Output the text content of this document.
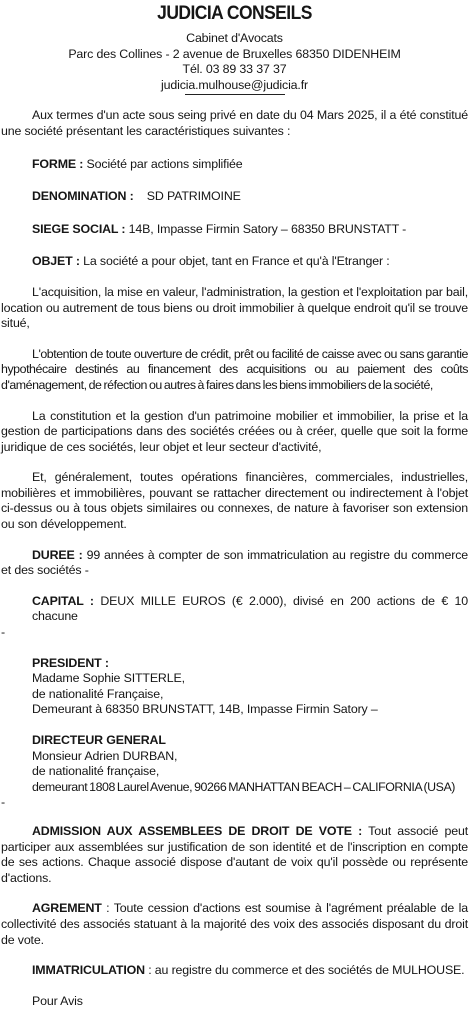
JUDICIA CONSEILS
Cabinet d'Avocats
Parc des Collines - 2 avenue de Bruxelles 68350 DIDENHEIM
Tél. 03 89 33 37 37
judicia.mulhouse@judicia.fr

Aux termes d'un acte sous seing privé en date du 04 Mars 2025, il a été constitué une société présentant les caractéristiques suivantes :

FORME : Société par actions simplifiée

DENOMINATION :    SD PATRIMOINE

SIEGE SOCIAL : 14B, Impasse Firmin Satory – 68350 BRUNSTATT -

OBJET : La société a pour objet, tant en France et qu'à l'Etranger :

L'acquisition, la mise en valeur, l'administration, la gestion et l'exploitation par bail, location ou autrement de tous biens ou droit immobilier à quelque endroit qu'il se trouve situé,

L'obtention de toute ouverture de crédit, prêt ou facilité de caisse avec ou sans garantie hypothécaire destinés au financement des acquisitions ou au paiement des coûts d'aménagement, de réfection ou autres à faires dans les biens immobiliers de la société,

La constitution et la gestion d'un patrimoine mobilier et immobilier, la prise et la gestion de participations dans des sociétés créées ou à créer, quelle que soit la forme juridique de ces sociétés, leur objet et leur secteur d'activité,

Et, généralement, toutes opérations financières, commerciales, industrielles, mobilières et immobilières, pouvant se rattacher directement ou indirectement à l'objet ci-dessus ou à tous objets similaires ou connexes, de nature à favoriser son extension ou son développement.

DUREE : 99 années à compter de son immatriculation au registre du commerce et des sociétés -

CAPITAL : DEUX MILLE EUROS (€ 2.000), divisé en 200 actions de € 10 chacune

-
PRESIDENT :
Madame Sophie SITTERLE,
de nationalité Française,
Demeurant à 68350 BRUNSTATT, 14B, Impasse Firmin Satory –
DIRECTEUR GENERAL
Monsieur Adrien DURBAN,
de nationalité française,
demeurant 1808 Laurel Avenue, 90266 MANHATTAN BEACH – CALIFORNIA (USA)
-

ADMISSION AUX ASSEMBLEES DE DROIT DE VOTE : Tout associé peut participer aux assemblées sur justification de son identité et de l'inscription en compte de ses actions. Chaque associé dispose d'autant de voix qu'il possède ou représente d'actions.

AGREMENT : Toute cession d'actions est soumise à l'agrément préalable de la collectivité des associés statuant à la majorité des voix des associés disposant du droit de vote.

IMMATRICULATION : au registre du commerce et des sociétés de MULHOUSE.

Pour Avis
